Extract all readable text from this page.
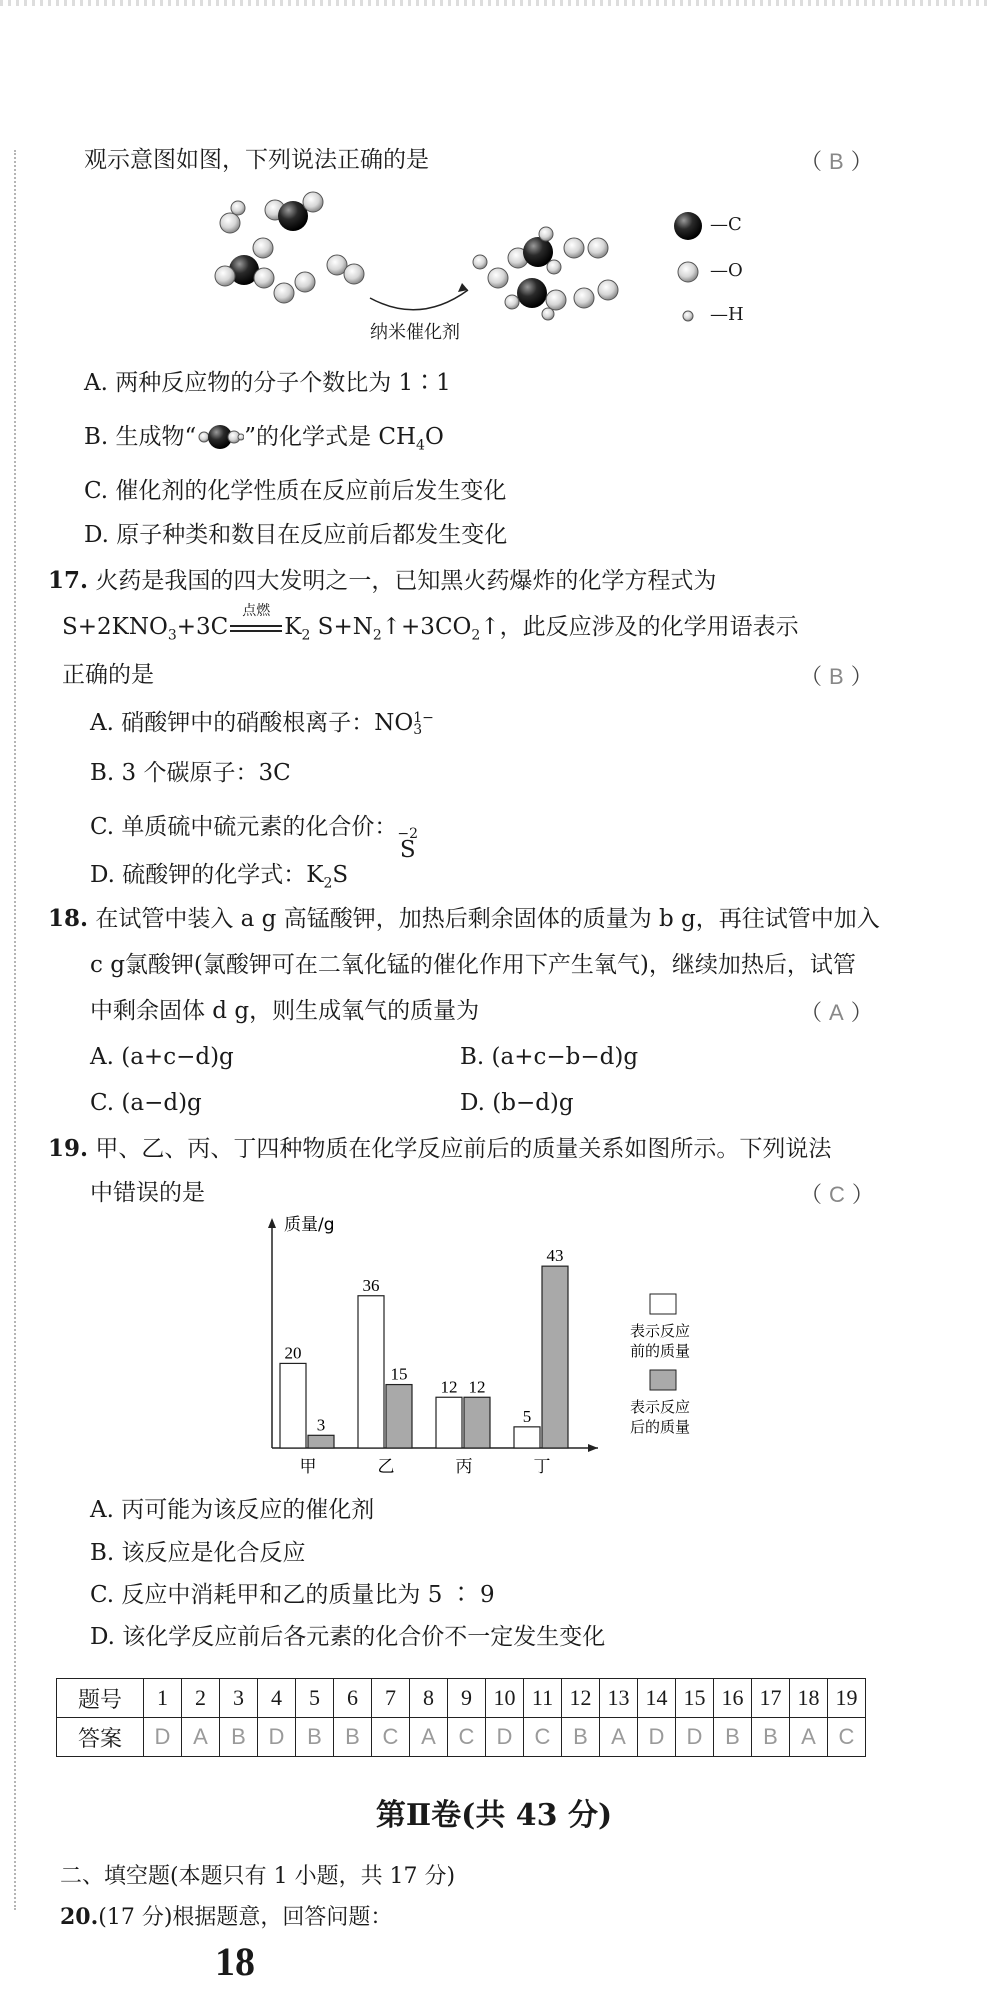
观示意图如图，下列说法正确的是	（ B ）
纳米催化剂
—C
—O
—H
A. 两种反应物的分子个数比为 1∶1
B. 生成物“ ”的化学式是 $CH_4O$
C. 催化剂的化学性质在反应前后发生变化
D. 原子种类和数目在反应前后都发生变化
17. 火药是我国的四大发明之一，已知黑火药爆炸的化学方程式为
$S+2KNO_3+3C$
点燃
$K_2$ $S+N_2↑+3CO_2↑$，此反应涉及的化学用语表示
正确的是	（ B ）
A. 硝酸钾中的硝酸根离子：NO 1−
3
B. 3 个碳原子：3C
C. 单质硫中硫元素的化合价： −2
S
D. 硫酸钾的化学式：$K_2S$
18. 在试管中装入 a g 高锰酸钾，加热后剩余固体的质量为 b g，再往试管中加入
c g氯酸钾(氯酸钾可在二氧化锰的催化作用下产生氧气)，继续加热后，试管
中剩余固体 d g，则生成氧气的质量为	（ A ）
A. (a+c−d)g	B. (a+c−b−d)g
C. (a−d)g	D. (b−d)g
19. 甲、乙、丙、丁四种物质在化学反应前后的质量关系如图所示。下列说法
中错误的是	（ C ）
质量/g
20
3
甲
36
15
乙
12 12
丙
5
43
丁
表示反应
前的质量
表示反应
后的质量
A. 丙可能为该反应的催化剂
B. 该反应是化合反应
C. 反应中消耗甲和乙的质量比为 5 ∶ 9
D. 该化学反应前后各元素的化合价不一定发生变化
题号	1	2	3	4	5	6	7	8	9	10	11	12	13	14	15	16	17	18	19
答案	D	A	B	D	B	B	C	A	C	D	C	B	A	D	D	B	B	A	C
第Ⅱ卷(共 43 分)
二、填空题(本题只有 1 小题，共 17 分)
20.(17 分)根据题意，回答问题：
18
